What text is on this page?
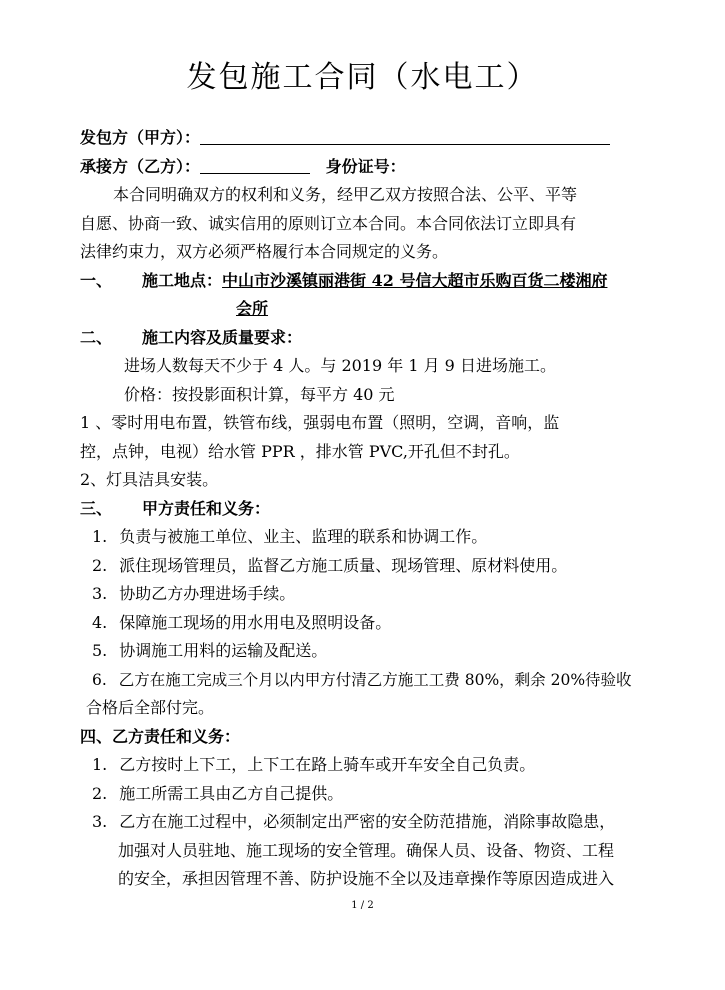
发包施工合同（水电工）
发包方（甲方）：
承接方（乙方）：	身份证号：
本合同明确双方的权利和义务，经甲乙双方按照合法、公平、平等
自愿、协商一致、诚实信用的原则订立本合同。本合同依法订立即具有
法律约束力，双方必须严格履行本合同规定的义务。
一、 施工地点：中山市沙溪镇丽港街 42 号信大超市乐购百货二楼湘府
会所
二、 施工内容及质量要求：
进场人数每天不少于 4 人。与 2019 年 1 月 9 日进场施工。
价格：按投影面积计算，每平方 40 元
1 、零时用电布置，铁管布线，强弱电布置（照明，空调，音响，监
控，点钟，电视）给水管 PPR ，排水管 PVC,开孔但不封孔。
2、灯具洁具安装。
三、 甲方责任和义务：
1. 负责与被施工单位、业主、监理的联系和协调工作。
2. 派住现场管理员，监督乙方施工质量、现场管理、原材料使用。
3. 协助乙方办理进场手续。
4. 保障施工现场的用水用电及照明设备。
5. 协调施工用料的运输及配送。
6. 乙方在施工完成三个月以内甲方付清乙方施工工费 80%，剩余 20%待验收
合格后全部付完。
四、乙方责任和义务：
1. 乙方按时上下工，上下工在路上骑车或开车安全自己负责。
2. 施工所需工具由乙方自己提供。
3. 乙方在施工过程中，必须制定出严密的安全防范措施，消除事故隐患，
加强对人员驻地、施工现场的安全管理。确保人员、设备、物资、工程
的安全，承担因管理不善、防护设施不全以及违章操作等原因造成进入
1 / 2
